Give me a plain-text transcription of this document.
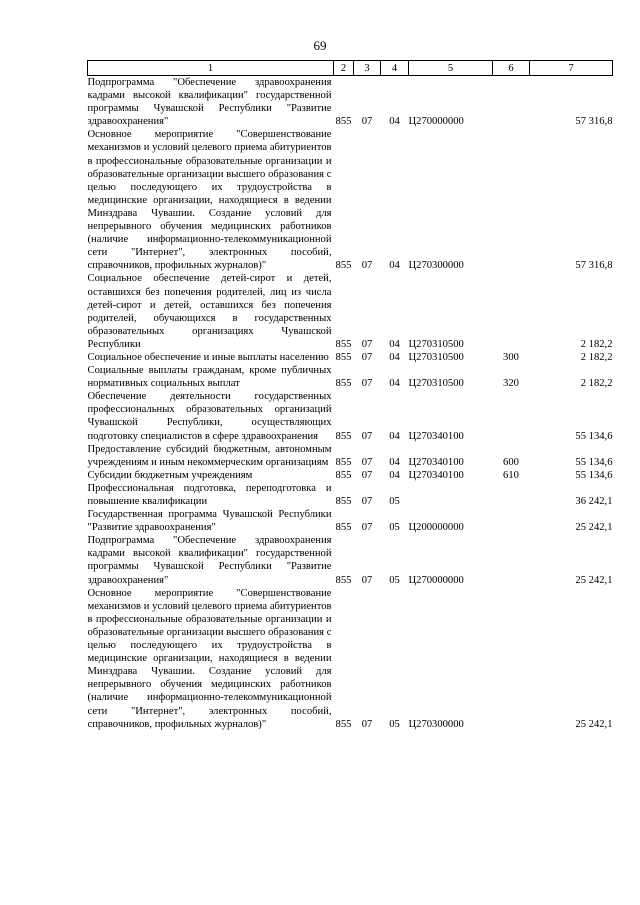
69
1	2	3	4	5	6	7
Подпрограмма "Обеспечение здравоохранения кадрами высокой квалификации" государственной программы Чувашской Республики "Развитие здравоохранения"	855	07	04	Ц270000000		57 316,8
Основное мероприятие "Совершенствование механизмов и условий целевого приема абитуриентов в профессиональные образовательные организации и образовательные организации высшего образования с целью последующего их трудоустройства в медицинские организации, находящиеся в ведении Минздрава Чувашии. Создание условий для непрерывного обучения медицинских работников (наличие информационно-телекоммуникационной сети "Интернет", электронных пособий, справочников, профильных журналов)"	855	07	04	Ц270300000		57 316,8
Социальное обеспечение детей-сирот и детей, оставшихся без попечения родителей, лиц из числа детей-сирот и детей, оставшихся без попечения родителей, обучающихся в государственных образовательных организациях Чувашской Республики	855	07	04	Ц270310500		2 182,2
Социальное обеспечение и иные выплаты населению	855	07	04	Ц270310500	300	2 182,2
Социальные выплаты гражданам, кроме публичных нормативных социальных выплат	855	07	04	Ц270310500	320	2 182,2
Обеспечение деятельности государственных профессиональных образовательных организаций Чувашской Республики, осуществляющих подготовку специалистов в сфере здравоохранения	855	07	04	Ц270340100		55 134,6
Предоставление субсидий бюджетным, автономным учреждениям и иным некоммерческим организациям	855	07	04	Ц270340100	600	55 134,6
Субсидии бюджетным учреждениям	855	07	04	Ц270340100	610	55 134,6
Профессиональная подготовка, переподготовка и повышение квалификации	855	07	05			36 242,1
Государственная программа Чувашской Республики "Развитие здравоохранения"	855	07	05	Ц200000000		25 242,1
Подпрограмма "Обеспечение здравоохранения кадрами высокой квалификации" государственной программы Чувашской Республики "Развитие здравоохранения"	855	07	05	Ц270000000		25 242,1
Основное мероприятие "Совершенствование механизмов и условий целевого приема абитуриентов в профессиональные образовательные организации и образовательные организации высшего образования с целью последующего их трудоустройства в медицинские организации, находящиеся в ведении Минздрава Чувашии. Создание условий для непрерывного обучения медицинских работников (наличие информационно-телекоммуникационной сети "Интернет", электронных пособий, справочников, профильных журналов)"	855	07	05	Ц270300000		25 242,1
